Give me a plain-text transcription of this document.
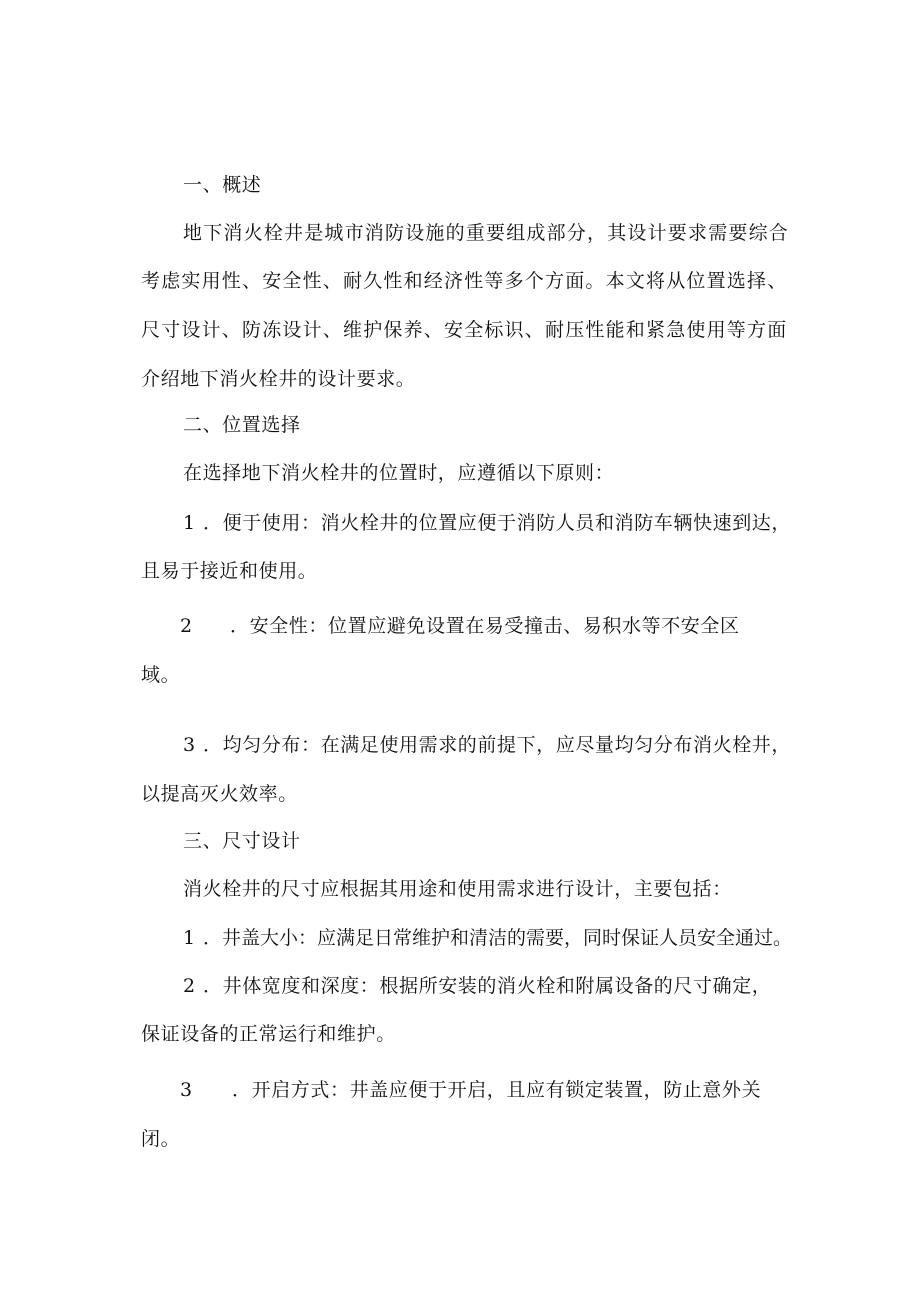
一、概述
地下消火栓井是城市消防设施的重要组成部分，其设计要求需要综合
考虑实用性、安全性、耐久性和经济性等多个方面。本文将从位置选择、
尺寸设计、防冻设计、维护保养、安全标识、耐压性能和紧急使用等方面
介绍地下消火栓井的设计要求。
二、位置选择
在选择地下消火栓井的位置时，应遵循以下原则：
1 ．便于使用：消火栓井的位置应便于消防人员和消防车辆快速到达，
且易于接近和使用。
2 ．安全性：位置应避免设置在易受撞击、易积水等不安全区
域。
3 ．均匀分布：在满足使用需求的前提下，应尽量均匀分布消火栓井，
以提高灭火效率。
三、尺寸设计
消火栓井的尺寸应根据其用途和使用需求进行设计，主要包括：
1 ．井盖大小：应满足日常维护和清洁的需要，同时保证人员安全通过。
2 ．井体宽度和深度：根据所安装的消火栓和附属设备的尺寸确定，
保证设备的正常运行和维护。
3 ．开启方式：井盖应便于开启，且应有锁定装置，防止意外关
闭。
